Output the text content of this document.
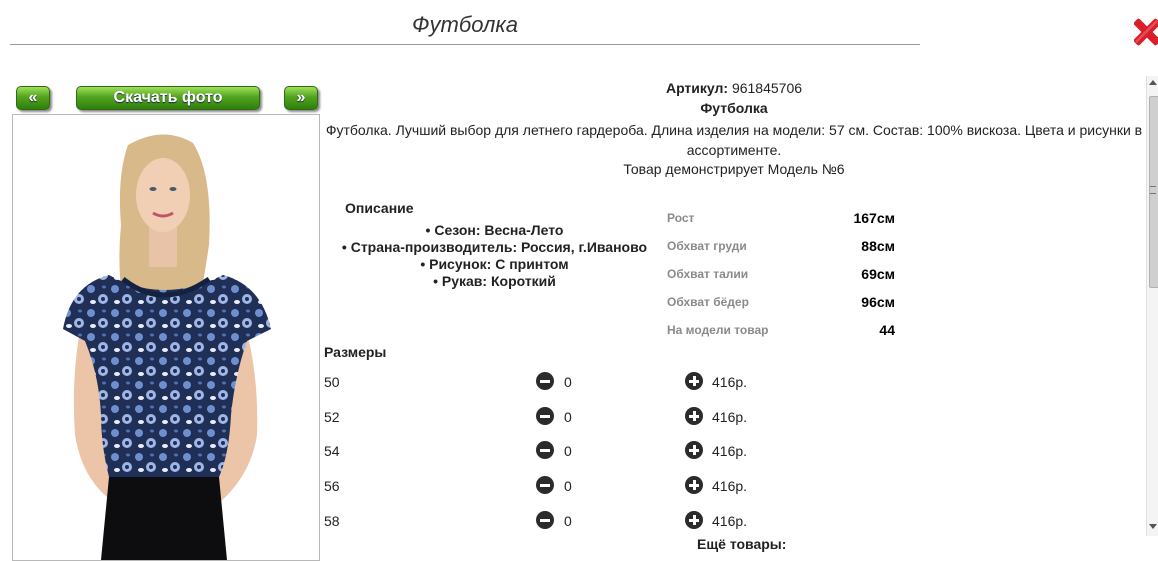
Футболка
«	Скачать фото	»
Артикул: 961845706
Футболка
Футболка. Лучший выбор для летнего гардероба. Длина изделия на модели: 57 см. Состав: 100% вискоза. Цвета и рисунки в ассортименте.
Товар демонстрирует Модель №6
Описание
• Сезон: Весна-Лето
• Страна-производитель: Россия, г.Иваново
• Рисунок: С принтом
• Рукав: Короткий
Рост	167см
Обхват груди	88см
Обхват талии	69см
Обхват бёдер	96см
На модели товар	44
Размеры
50	0	416р.
52	0	416р.
54	0	416р.
56	0	416р.
58	0	416р.
Ещё товары:
